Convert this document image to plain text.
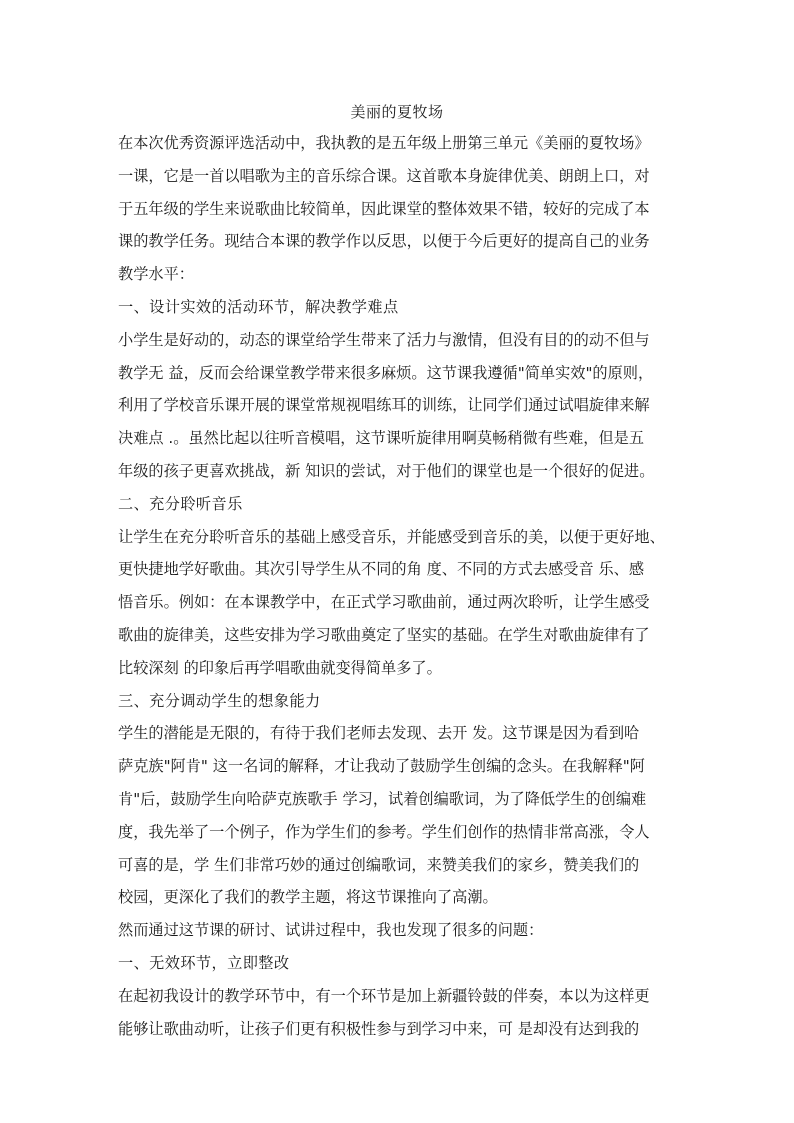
美丽的夏牧场
在本次优秀资源评选活动中，我执教的是五年级上册第三单元《美丽的夏牧场》
一课，它是一首以唱歌为主的音乐综合课。这首歌本身旋律优美、朗朗上口，对
于五年级的学生来说歌曲比较简单，因此课堂的整体效果不错，较好的完成了本
课的教学任务。现结合本课的教学作以反思，以便于今后更好的提高自己的业务
教学水平：
一、设计实效的活动环节，解决教学难点
小学生是好动的，动态的课堂给学生带来了活力与激情，但没有目的的动不但与
教学无 益，反而会给课堂教学带来很多麻烦。这节课我遵循"简单实效"的原则，
利用了学校音乐课开展的课堂常规视唱练耳的训练，让同学们通过试唱旋律来解
决难点 .。虽然比起以往听音模唱，这节课听旋律用啊莫畅稍微有些难，但是五
年级的孩子更喜欢挑战，新 知识的尝试，对于他们的课堂也是一个很好的促进。
二、充分聆听音乐
让学生在充分聆听音乐的基础上感受音乐，并能感受到音乐的美，以便于更好地、
更快捷地学好歌曲。其次引导学生从不同的角 度、不同的方式去感受音 乐、感
悟音乐。例如：在本课教学中，在正式学习歌曲前，通过两次聆听，让学生感受
歌曲的旋律美，这些安排为学习歌曲奠定了坚实的基础。在学生对歌曲旋律有了
比较深刻 的印象后再学唱歌曲就变得简单多了。
三、充分调动学生的想象能力
学生的潜能是无限的，有待于我们老师去发现、去开 发。这节课是因为看到哈
萨克族"阿肯" 这一名词的解释，才让我动了鼓励学生创编的念头。在我解释"阿
肯"后，鼓励学生向哈萨克族歌手 学习，试着创编歌词，为了降低学生的创编难
度，我先举了一个例子，作为学生们的参考。学生们创作的热情非常高涨，令人
可喜的是，学 生们非常巧妙的通过创编歌词，来赞美我们的家乡，赞美我们的
校园，更深化了我们的教学主题，将这节课推向了高潮。
然而通过这节课的研讨、试讲过程中，我也发现了很多的问题：
一、无效环节，立即整改
在起初我设计的教学环节中，有一个环节是加上新疆铃鼓的伴奏，本以为这样更
能够让歌曲动听，让孩子们更有积极性参与到学习中来，可 是却没有达到我的
